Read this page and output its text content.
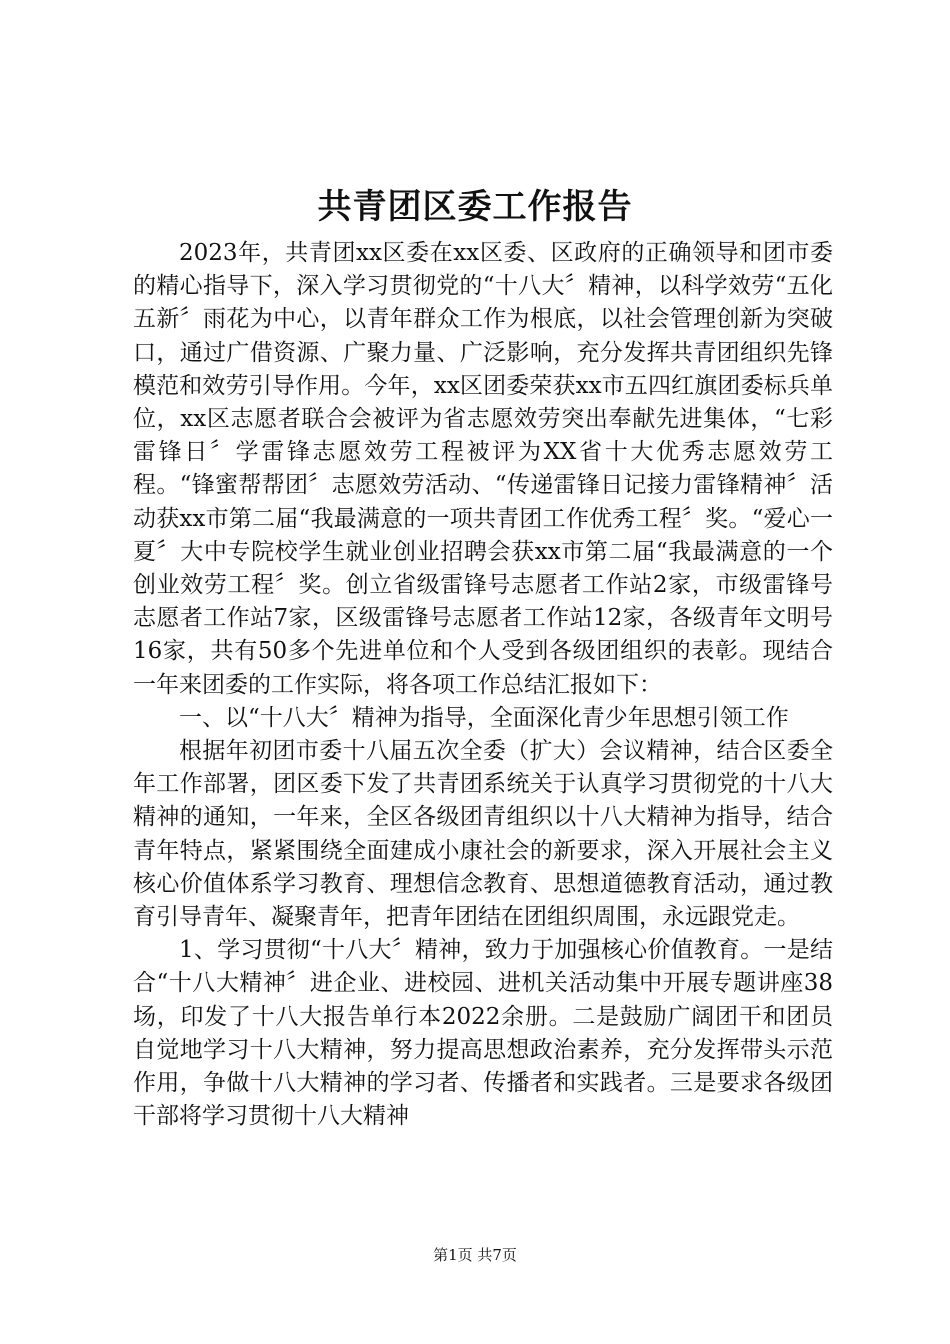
共青团区委工作报告

2023年，共青团xx区委在xx区委、区政府的正确领导和团市委的精心指导下，深入学习贯彻党的“十八大〞精神，以科学效劳“五化五新〞雨花为中心，以青年群众工作为根底，以社会管理创新为突破口，通过广借资源、广聚力量、广泛影响，充分发挥共青团组织先锋模范和效劳引导作用。今年，xx区团委荣获xx市五四红旗团委标兵单位，xx区志愿者联合会被评为省志愿效劳突出奉献先进集体，“七彩雷锋日〞学雷锋志愿效劳工程被评为XX省十大优秀志愿效劳工程。“锋蜜帮帮团〞志愿效劳活动、“传递雷锋日记接力雷锋精神〞活动获xx市第二届“我最满意的一项共青团工作优秀工程〞奖。“爱心一夏〞大中专院校学生就业创业招聘会获xx市第二届“我最满意的一个创业效劳工程〞奖。创立省级雷锋号志愿者工作站2家，市级雷锋号志愿者工作站7家，区级雷锋号志愿者工作站12家，各级青年文明号16家，共有50多个先进单位和个人受到各级团组织的表彰。现结合一年来团委的工作实际，将各项工作总结汇报如下：

一、以“十八大〞精神为指导，全面深化青少年思想引领工作

根据年初团市委十八届五次全委（扩大）会议精神，结合区委全年工作部署，团区委下发了共青团系统关于认真学习贯彻党的十八大精神的通知，一年来，全区各级团青组织以十八大精神为指导，结合青年特点，紧紧围绕全面建成小康社会的新要求，深入开展社会主义核心价值体系学习教育、理想信念教育、思想道德教育活动，通过教育引导青年、凝聚青年，把青年团结在团组织周围，永远跟党走。

1、学习贯彻“十八大〞精神，致力于加强核心价值教育。一是结合“十八大精神〞进企业、进校园、进机关活动集中开展专题讲座38场，印发了十八大报告单行本2022余册。二是鼓励广阔团干和团员自觉地学习十八大精神，努力提高思想政治素养，充分发挥带头示范作用，争做十八大精神的学习者、传播者和实践者。三是要求各级团干部将学习贯彻十八大精神

第1页 共7页
